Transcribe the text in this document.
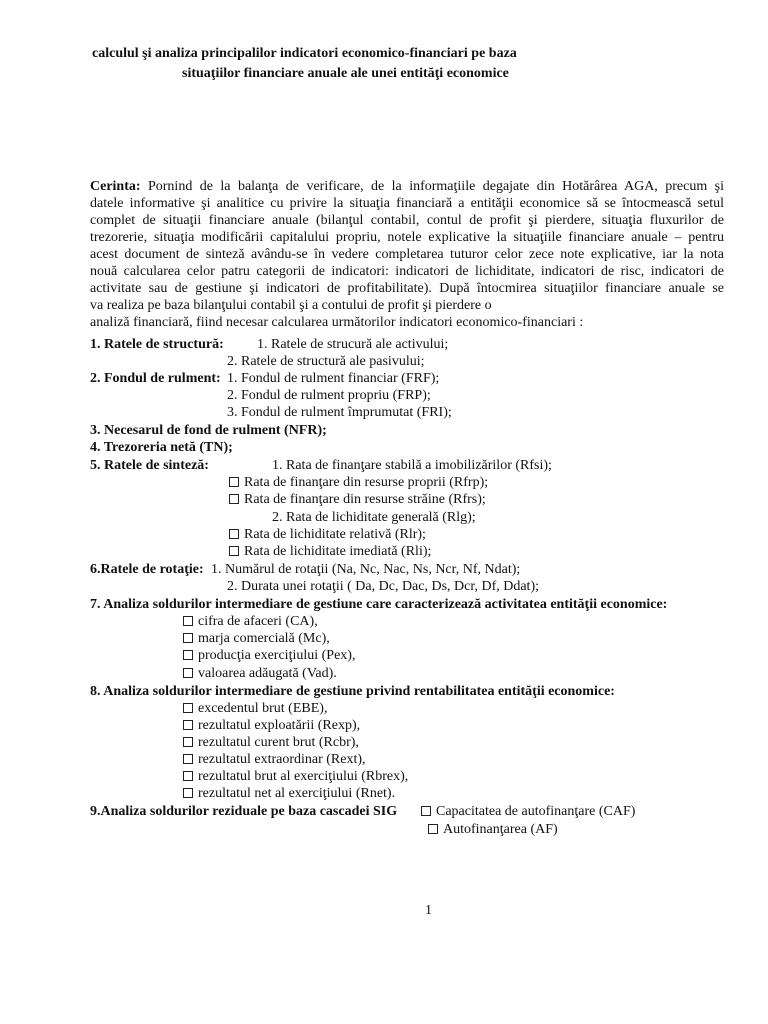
calculul şi analiza principalilor indicatori economico-financiari pe baza
situaţiilor financiare anuale ale unei entităţi economice
Cerinta: Pornind de la balanţa de verificare, de la informaţiile degajate din Hotărârea AGA, precum şi
datele informative şi analitice cu privire la situaţia financiară a entităţii economice să se întocmească setul
complet de situaţii financiare anuale (bilanţul contabil, contul de profit şi pierdere, situaţia fluxurilor de
trezorerie, situaţia modificării capitalului propriu, notele explicative la situaţiile financiare anuale – pentru
acest document de sinteză avându-se în vedere completarea tuturor celor zece note explicative, iar la nota
nouă calcularea celor patru categorii de indicatori: indicatori de lichiditate, indicatori de risc, indicatori de
activitate sau de gestiune şi indicatori de profitabilitate). După întocmirea situaţiilor financiare anuale se
va realiza pe baza bilanţului contabil şi a contului de profit şi pierdere o
analiză financiară, fiind necesar calcularea următorilor indicatori economico-financiari :
1. Ratele de structură: 1. Ratele de strucură ale activului;
2. Ratele de structură ale pasivului;
2. Fondul de rulment: 1. Fondul de rulment financiar (FRF);
2. Fondul de rulment propriu (FRP);
3. Fondul de rulment împrumutat (FRI);
3. Necesarul de fond de rulment (NFR);
4. Trezoreria netă (TN);
5. Ratele de sinteză:	1. Rata de finanţare stabilă a imobilizărilor (Rfsi);
Rata de finanţare din resurse proprii (Rfrp);
Rata de finanţare din resurse străine (Rfrs);
2. Rata de lichiditate generală (Rlg);
Rata de lichiditate relativă (Rlr);
Rata de lichiditate imediată (Rli);
6.Ratele de rotaţie: 1. Numărul de rotaţii (Na, Nc, Nac, Ns, Ncr, Nf, Ndat);
2. Durata unei rotaţii ( Da, Dc, Dac, Ds, Dcr, Df, Ddat);
7. Analiza soldurilor intermediare de gestiune care caracterizează activitatea entităţii economice:
cifra de afaceri (CA),
marja comercială (Mc),
producţia exerciţiului (Pex),
valoarea adăugată (Vad).
8. Analiza soldurilor intermediare de gestiune privind rentabilitatea entităţii economice:
excedentul brut (EBE),
rezultatul exploatării (Rexp),
rezultatul curent brut (Rcbr),
rezultatul extraordinar (Rext),
rezultatul brut al exerciţiului (Rbrex),
rezultatul net al exerciţiului (Rnet).
9.Analiza soldurilor reziduale pe baza cascadei SIG	Capacitatea de autofinanţare (CAF)
Autofinanţarea (AF)
1
